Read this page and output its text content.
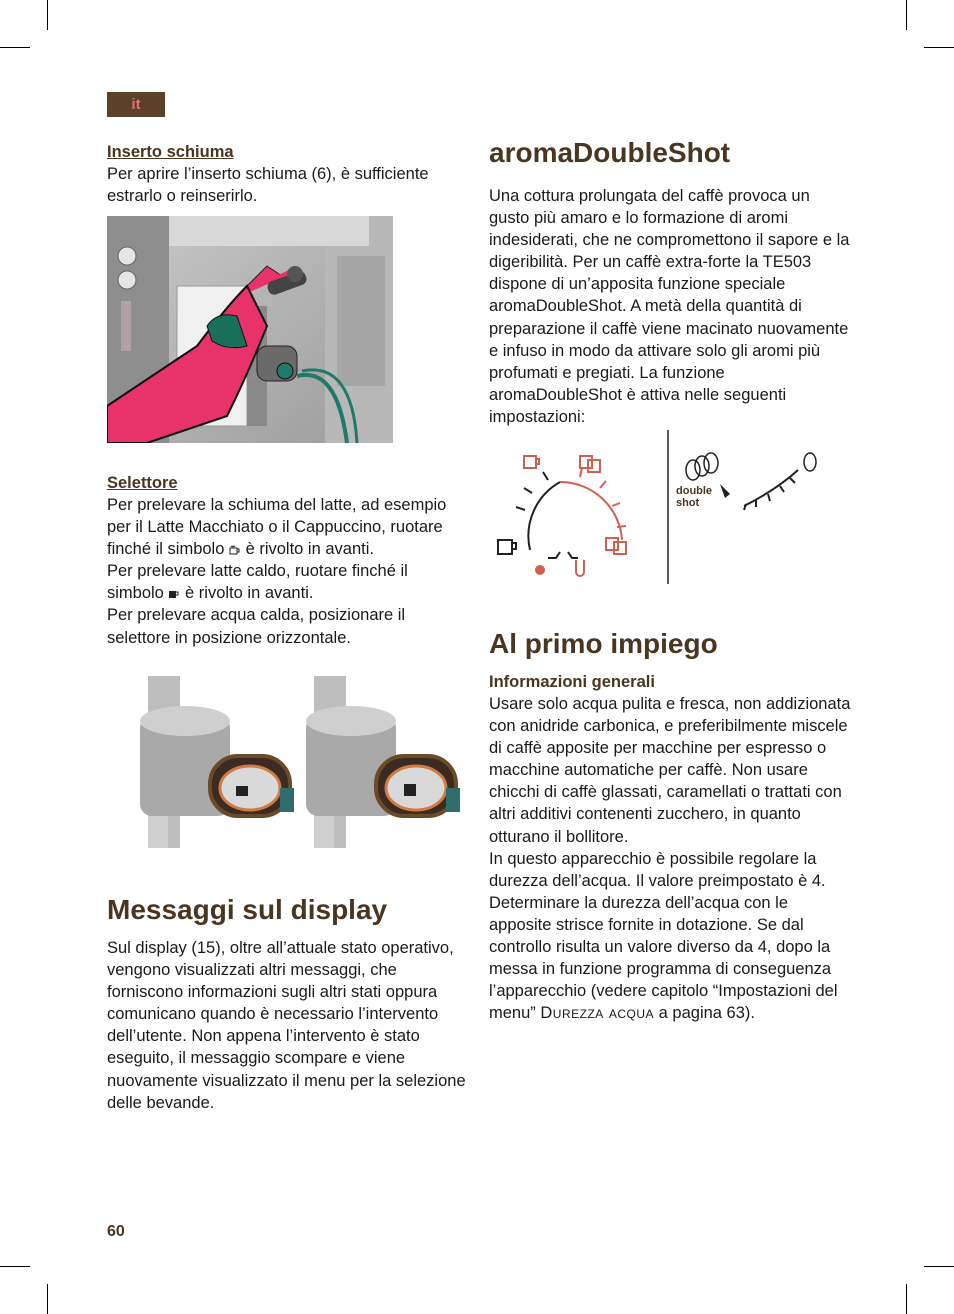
it
Inserto schiuma

Per aprire l’inserto schiuma (6), è sufficiente estrarlo o reinserirlo.

Selettore

Per prelevare la schiuma del latte, ad esempio per il Latte Macchiato o il Cappuccino, ruotare finché il simbolo è rivolto in avanti.

Per prelevare latte caldo, ruotare finché il simbolo è rivolto in avanti.

Per prelevare acqua calda, posizionare il selettore in posizione orizzontale.

Messaggi sul display

Sul display (15), oltre all’attuale stato operativo, vengono visualizzati altri messaggi, che forniscono informazioni sugli altri stati oppura comunicano quando è necessario l’intervento dell’utente. Non appena l’intervento è stato eseguito, il messaggio scompare e viene nuovamente visualizzato il menu per la selezione delle bevande.

aromaDoubleShot

Una cottura prolungata del caffè provoca un gusto più amaro e lo formazione di aromi indesiderati, che ne compromettono il sapore e la digeribilità. Per un caffè extra-forte la TE503 dispone di un’apposita funzione speciale aromaDoubleShot. A metà della quantità di preparazione il caffè viene macinato nuovamente e infuso in modo da attivare solo gli aromi più profumati e pregiati. La funzione aromaDoubleShot è attiva nelle seguenti impostazioni:

double
shot
Al primo impiego
Informazioni generali

Usare solo acqua pulita e fresca, non addizionata con anidride carbonica, e preferibilmente miscele di caffè apposite per macchine per espresso o macchine automatiche per caffè. Non usare chicchi di caffè glassati, caramellati o trattati con altri additivi contenenti zucchero, in quanto otturano il bollitore.

In questo apparecchio è possibile regolare la durezza dell’acqua. Il valore preimpostato è 4. Determinare la durezza dell’acqua con le apposite strisce fornite in dotazione. Se dal controllo risulta un valore diverso da 4, dopo la messa in funzione programma di conseguenza l’apparecchio (vedere capitolo “Impostazioni del menu” Durezza acqua a pagina 63).

60
